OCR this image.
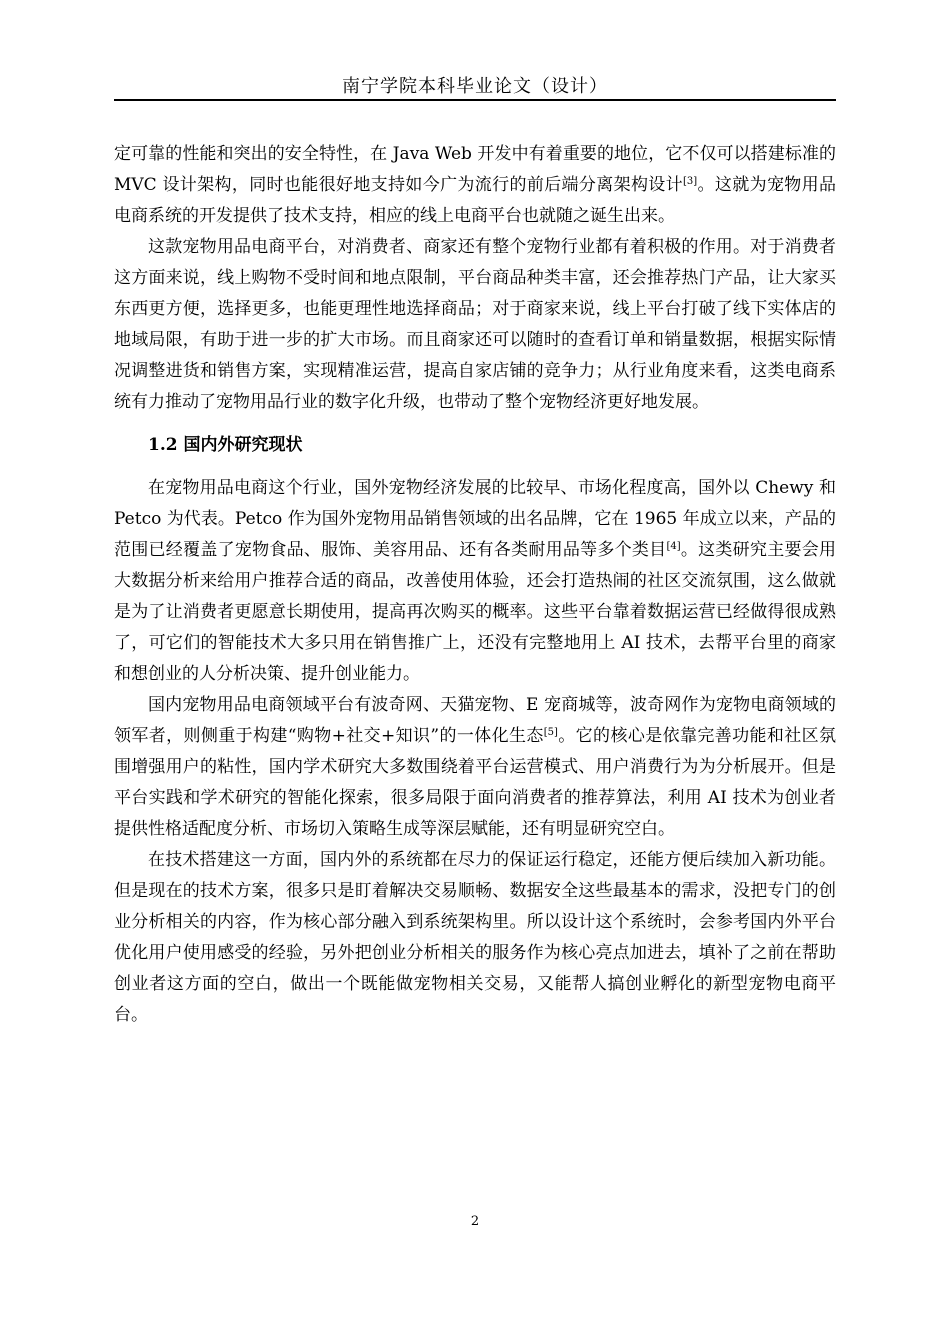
南宁学院本科毕业论文（设计）

定可靠的性能和突出的安全特性，在 Java Web 开发中有着重要的地位，它不仅可以搭建标准的 MVC 设计架构，同时也能很好地支持如今广为流行的前后端分离架构设计[3]。这就为宠物用品电商系统的开发提供了技术支持，相应的线上电商平台也就随之诞生出来。

这款宠物用品电商平台，对消费者、商家还有整个宠物行业都有着积极的作用。对于消费者这方面来说，线上购物不受时间和地点限制，平台商品种类丰富，还会推荐热门产品，让大家买东西更方便，选择更多，也能更理性地选择商品；对于商家来说，线上平台打破了线下实体店的地域局限，有助于进一步的扩大市场。而且商家还可以随时的查看订单和销量数据，根据实际情况调整进货和销售方案，实现精准运营，提高自家店铺的竞争力；从行业角度来看，这类电商系统有力推动了宠物用品行业的数字化升级，也带动了整个宠物经济更好地发展。

1.2 国内外研究现状

在宠物用品电商这个行业，国外宠物经济发展的比较早、市场化程度高，国外以 Chewy 和 Petco 为代表。Petco 作为国外宠物用品销售领域的出名品牌，它在 1965 年成立以来，产品的范围已经覆盖了宠物食品、服饰、美容用品、还有各类耐用品等多个类目[4]。这类研究主要会用大数据分析来给用户推荐合适的商品，改善使用体验，还会打造热闹的社区交流氛围，这么做就是为了让消费者更愿意长期使用，提高再次购买的概率。这些平台靠着数据运营已经做得很成熟了，可它们的智能技术大多只用在销售推广上，还没有完整地用上 AI 技术，去帮平台里的商家和想创业的人分析决策、提升创业能力。

国内宠物用品电商领域平台有波奇网、天猫宠物、E 宠商城等，波奇网作为宠物电商领域的领军者，则侧重于构建“购物+社交+知识”的一体化生态[5]。它的核心是依靠完善功能和社区氛围增强用户的粘性，国内学术研究大多数围绕着平台运营模式、用户消费行为为分析展开。但是平台实践和学术研究的智能化探索，很多局限于面向消费者的推荐算法，利用 AI 技术为创业者提供性格适配度分析、市场切入策略生成等深层赋能，还有明显研究空白。

在技术搭建这一方面，国内外的系统都在尽力的保证运行稳定，还能方便后续加入新功能。但是现在的技术方案，很多只是盯着解决交易顺畅、数据安全这些最基本的需求，没把专门的创业分析相关的内容，作为核心部分融入到系统架构里。所以设计这个系统时，会参考国内外平台优化用户使用感受的经验，另外把创业分析相关的服务作为核心亮点加进去，填补了之前在帮助创业者这方面的空白，做出一个既能做宠物相关交易，又能帮人搞创业孵化的新型宠物电商平台。

2
